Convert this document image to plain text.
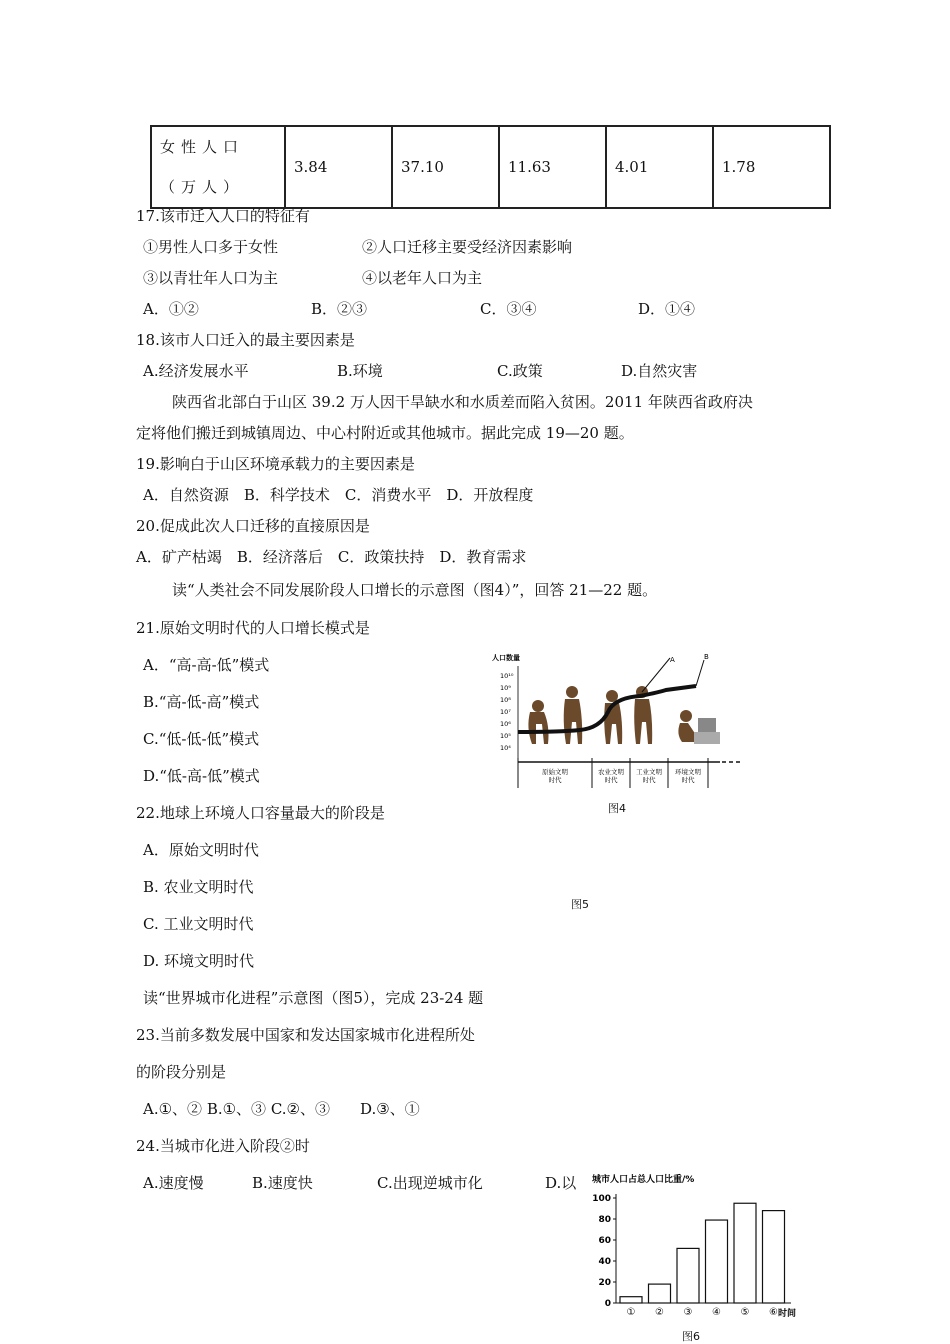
女性人口（万人）	3.84	37.10	11.63	4.01	1.78
17.该市迁入人口的特征有
①男性人口多于女性	②人口迁移主要受经济因素影响
③以青壮年人口为主	④以老年人口为主
A．①②	B．②③	C．③④	D．①④
18.该市人口迁入的最主要因素是
A.经济发展水平	B.环境	C.政策	D.自然灾害
陕西省北部白于山区 39.2 万人因干旱缺水和水质差而陷入贫困。2011 年陕西省政府决
定将他们搬迁到城镇周边、中心村附近或其他城市。据此完成 19—20 题。
19.影响白于山区环境承载力的主要因素是
A．自然资源　B．科学技术　C．消费水平　D．开放程度
20.促成此次人口迁移的直接原因是
A．矿产枯竭　B．经济落后　C．政策扶持　D．教育需求
读“人类社会不同发展阶段人口增长的示意图（图4）”，回答 21—22 题。
21.原始文明时代的人口增长模式是
A．“高-高-低”模式
B.“高-低-高”模式
C.“低-低-低”模式
D.“低-高-低”模式
人口数量
10¹⁰
10⁹
10⁸
10⁷
10⁶
10⁵
10⁴
A	B
原始文明
时代
农业文明
时代
工业文明
时代
环境文明
时代
图4
22.地球上环境人口容量最大的阶段是
A．原始文明时代
B. 农业文明时代
C. 工业文明时代
D. 环境文明时代
图5
读“世界城市化进程”示意图（图5），完成 23-24 题
23.当前多数发展中国家和发达国家城市化进程所处
的阶段分别是
A.①、② B.①、③ C.②、③　　D.③、①
24.当城市化进入阶段②时
A.速度慢	B.速度快	C.出现逆城市化	D.以 城市人口占总人口比重/%
时间
0
20
40
60
80
100
① ② ③ ④ ⑤ ⑥
图6
